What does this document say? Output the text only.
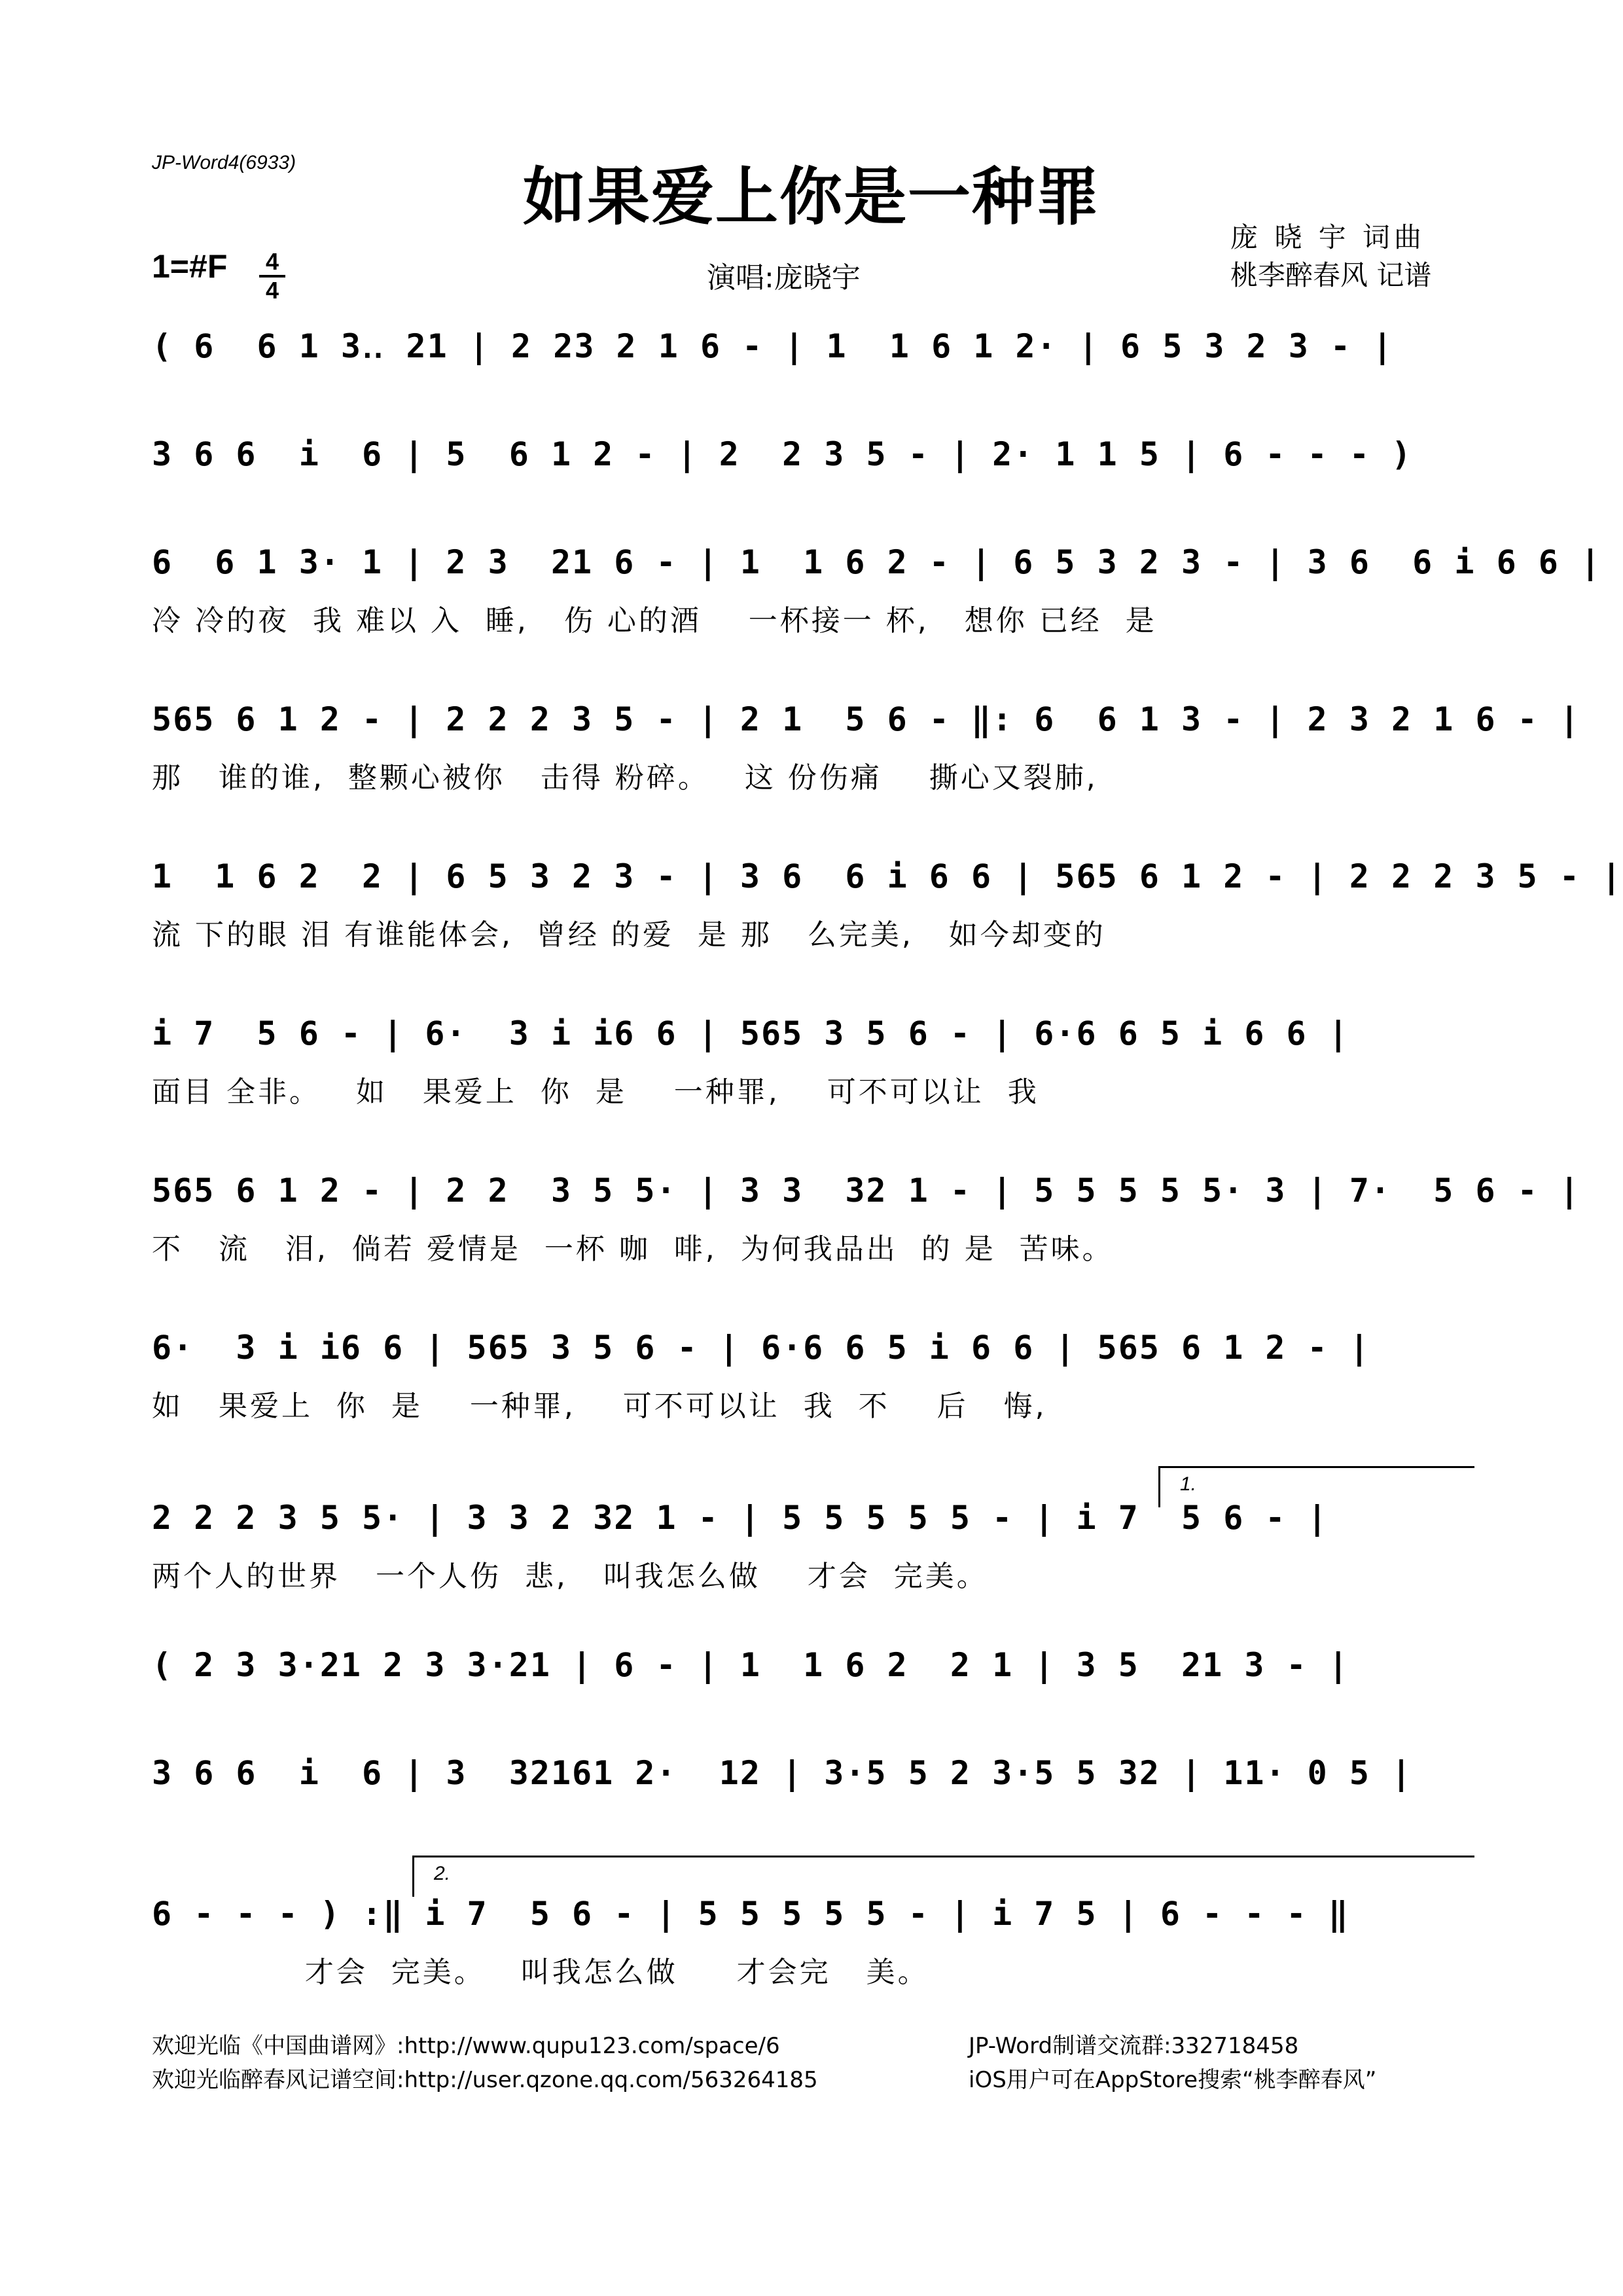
JP-Word4(6933)	如果爱上你是一种罪
1=#F 4
4	演唱:庞晓宇
庞 晓 宇 词曲
桃李醉春风 记谱
( 6  6 1 3‥ 21 | 2 23 2 1 6 - | 1  1 6 1 2· | 6 5 3 2 3 - |
3 6 6  i  6 | 5  6 1 2 - | 2  2 3 5 - | 2· 1 1 5 | 6 - - - )
6  6 1 3· 1 | 2 3  21 6 - | 1  1 6 2 - | 6 5 3 2 3 - | 3 6  6 i 6 6 |
冷 冷的夜  我 难以 入  睡,   伤 心的酒    一杯接一 杯,   想你 已经  是
565 6 1 2 - | 2 2 2 3 5 - | 2 1  5 6 - ‖: 6  6 1 3 - | 2 3 2 1 6 - |
那   谁的谁,  整颗心被你   击得 粉碎。   这 份伤痛    撕心又裂肺,
1  1 6 2  2 | 6 5 3 2 3 - | 3 6  6 i 6 6 | 565 6 1 2 - | 2 2 2 3 5 - |
流 下的眼 泪 有谁能体会,  曾经 的爱  是 那   么完美,   如今却变的
i 7  5 6 - | 6·  3 i i6 6 | 565 3 5 6 - | 6·6 6 5 i 6 6 |
面目 全非。   如   果爱上  你  是    一种罪,    可不可以让  我
565 6 1 2 - | 2 2  3 5 5· | 3 3  32 1 - | 5 5 5 5 5· 3 | 7·  5 6 - |
不   流   泪,  倘若 爱情是  一杯 咖  啡,  为何我品出  的 是  苦味。
6·  3 i i6 6 | 565 3 5 6 - | 6·6 6 5 i 6 6 | 565 6 1 2 - |
如   果爱上  你  是    一种罪,    可不可以让  我  不    后   悔,
1.
2 2 2 3 5 5· | 3 3 2 32 1 - | 5 5 5 5 5 - | i 7  5 6 - |
两个人的世界   一个人伤  悲,   叫我怎么做    才会  完美。
( 2 3 3·21 2 3 3·21 | 6 - | 1  1 6 2  2 1 | 3 5  21 3 - |
3 6 6  i  6 | 3  32161 2·  12 | 3·5 5 2 3·5 5 32 | 11· 0 5 |
2.
6 - - - ) :‖ i 7  5 6 - | 5 5 5 5 5 - | i 7 5 | 6 - - - ‖
才会  完美。   叫我怎么做     才会完   美。
欢迎光临《中国曲谱网》:http://www.qupu123.com/space/6
欢迎光临醉春风记谱空间:http://user.qzone.qq.com/563264185
JP-Word制谱交流群:332718458
iOS用户可在AppStore搜索“桃李醉春风”
